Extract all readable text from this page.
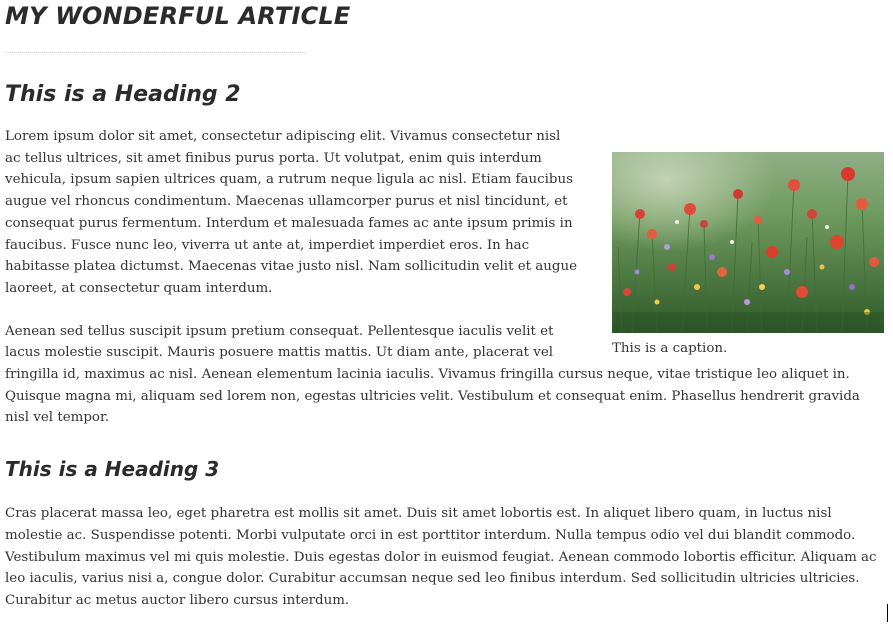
MY WONDERFUL ARTICLE
This is a Heading 2
This is a caption.

Lorem ipsum dolor sit amet, consectetur adipiscing elit. Vivamus consectetur nisl ac tellus ultrices, sit amet finibus purus porta. Ut volutpat, enim quis interdum vehicula, ipsum sapien ultrices quam, a rutrum neque ligula ac nisl. Etiam faucibus augue vel rhoncus condimentum. Maecenas ullamcorper purus et nisl tincidunt, et consequat purus fermentum. Interdum et malesuada fames ac ante ipsum primis in faucibus. Fusce nunc leo, viverra ut ante at, imperdiet imperdiet eros. In hac habitasse platea dictumst. Maecenas vitae justo nisl. Nam sollicitudin velit et augue laoreet, at consectetur quam interdum.

Aenean sed tellus suscipit ipsum pretium consequat. Pellentesque iaculis velit et lacus molestie suscipit. Mauris posuere mattis mattis. Ut diam ante, placerat vel fringilla id, maximus ac nisl. Aenean elementum lacinia iaculis. Vivamus fringilla cursus neque, vitae tristique leo aliquet in. Quisque magna mi, aliquam sed lorem non, egestas ultricies velit. Vestibulum et consequat enim. Phasellus hendrerit gravida nisl vel tempor.

This is a Heading 3

Cras placerat massa leo, eget pharetra est mollis sit amet. Duis sit amet lobortis est. In aliquet libero quam, in luctus nisl molestie ac. Suspendisse potenti. Morbi vulputate orci in est porttitor interdum. Nulla tempus odio vel dui blandit commodo. Vestibulum maximus vel mi quis molestie. Duis egestas dolor in euismod feugiat. Aenean commodo lobortis efficitur. Aliquam ac leo iaculis, varius nisi a, congue dolor. Curabitur accumsan neque sed leo finibus interdum. Sed sollicitudin ultricies ultricies. Curabitur ac metus auctor libero cursus interdum.
